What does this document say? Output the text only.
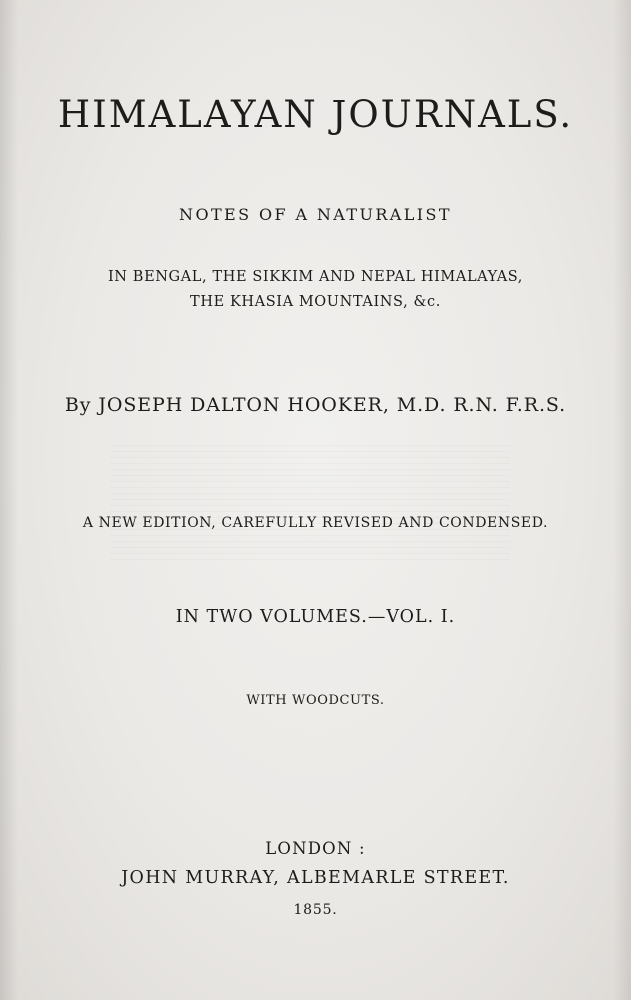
HIMALAYAN JOURNALS.
NOTES OF A NATURALIST
IN BENGAL, THE SIKKIM AND NEPAL HIMALAYAS,
THE KHASIA MOUNTAINS, &c.
By JOSEPH DALTON HOOKER, M.D. R.N. F.R.S.
A NEW EDITION, CAREFULLY REVISED AND CONDENSED.
IN TWO VOLUMES.—VOL. I.
WITH WOODCUTS.
LONDON :
JOHN MURRAY, ALBEMARLE STREET.
1855.
